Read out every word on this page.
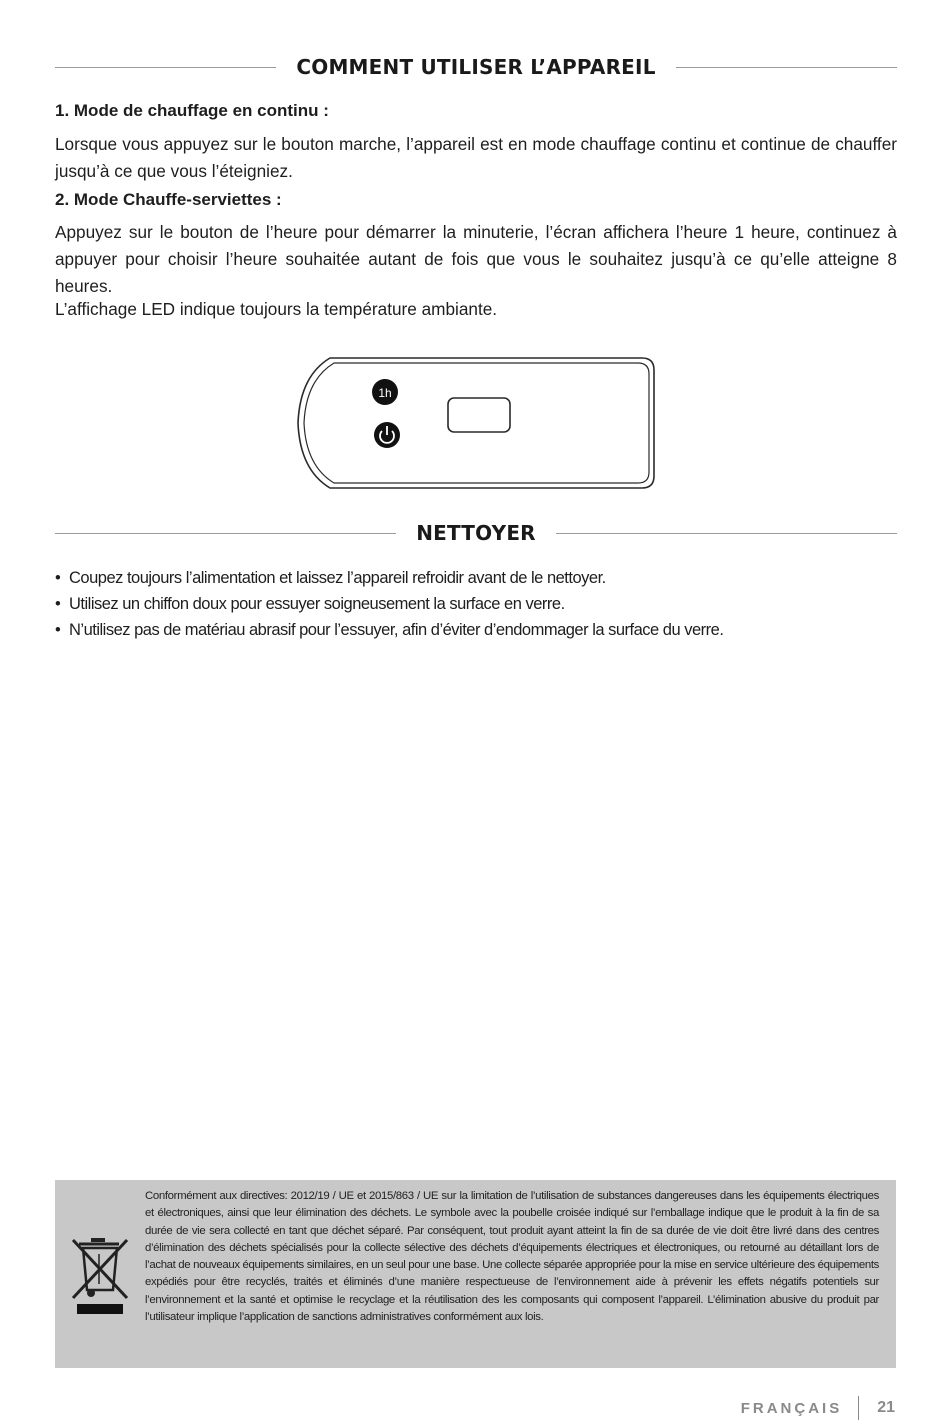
COMMENT UTILISER L’APPAREIL

1. Mode de chauffage en continu :

Lorsque vous appuyez sur le bouton marche, l’appareil est en mode chauffage continu et continue de chauffer jusqu’à ce que vous l’éteigniez.

2. Mode Chauffe-serviettes :

Appuyez sur le bouton de l’heure pour démarrer la minuterie, l’écran affichera l’heure 1 heure, continuez à appuyer pour choisir l’heure souhaitée autant de fois que vous le souhaitez jusqu’à ce qu’elle atteigne 8 heures.

L’affichage LED indique toujours la température ambiante.

1h
NETTOYER
• Coupez toujours l’alimentation et laissez l’appareil refroidir avant de le nettoyer.
• Utilisez un chiffon doux pour essuyer soigneusement la surface en verre.
• N’utilisez pas de matériau abrasif pour l’essuyer, afin d’éviter d’endommager la surface du verre.
Conformément aux directives: 2012/19 / UE et 2015/863 / UE sur la limitation de l’utilisation de substances dangereuses dans les équipements électriques et électroniques, ainsi que leur élimination des déchets. Le symbole avec la poubelle croisée indiqué sur l’emballage indique que le produit à la fin de sa durée de vie sera collecté en tant que déchet séparé. Par conséquent, tout produit ayant atteint la fin de sa durée de vie doit être livré dans des centres d’élimination des déchets spécialisés pour la collecte sélective des déchets d’équipements électriques et électroniques, ou retourné au détaillant lors de l’achat de nouveaux équipements similaires, en un seul pour une base. Une collecte séparée appropriée pour la mise en service ultérieure des équipements expédiés pour être recyclés, traités et éliminés d’une manière respectueuse de l’environnement aide à prévenir les effets négatifs potentiels sur l’environnement et la santé et optimise le recyclage et la réutilisation des les composants qui composent l’appareil. L’élimination abusive du produit par l’utilisateur implique l’application de sanctions administratives conformément aux lois.
FRANÇAIS 21
